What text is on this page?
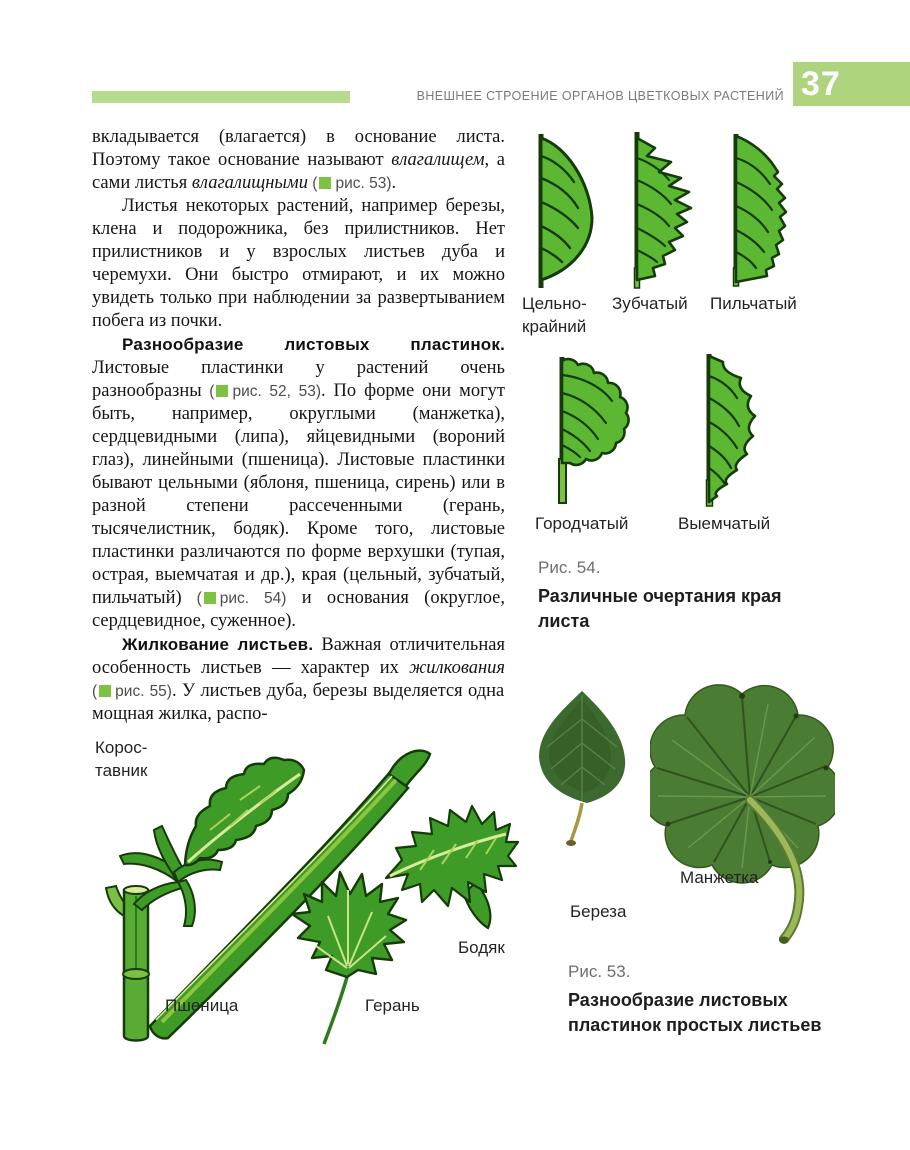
ВНЕШНЕЕ СТРОЕНИЕ ОРГАНОВ ЦВЕТКОВЫХ РАСТЕНИЙ 37

вкладывается (влагается) в основание листа. Поэтому такое основание называют влагалищем, а сами листья влагалищными ( рис. 53).

Листья некоторых растений, например березы, клена и подорожника, без прилистников. Нет прилистников и у взрослых листьев дуба и черемухи. Они быстро отмирают, и их можно увидеть только при наблюдении за развертыванием побега из почки.

Разнообразие листовых пластинок. Листовые пластинки у растений очень разнообразны ( рис. 52, 53). По форме они могут быть, например, округлыми (манжетка), сердцевидными (липа), яйцевидными (вороний глаз), линейными (пшеница). Листовые пластинки бывают цельными (яблоня, пшеница, сирень) или в разной степени рассеченными (герань, тысячелистник, бодяк). Кроме того, листовые пластинки различаются по форме верхушки (тупая, острая, выемчатая и др.), края (цельный, зубчатый, пильчатый) ( рис. 54) и основания (округлое, сердцевидное, суженное).

Жилкование листьев. Важная отличительная особенность листьев — характер их жилкования ( рис. 55). У листьев дуба, березы выделяется одна мощная жилка, распо-

Цельно-
крайний
Зубчатый Пильчатый
Городчатый	Выемчатый
Рис. 54.
Различные очертания края
листа
Корос-
тавник
Пшеница	Герань
Бодяк
Манжетка
Береза
Рис. 53.
Разнообразие листовых
пластинок простых листьев
